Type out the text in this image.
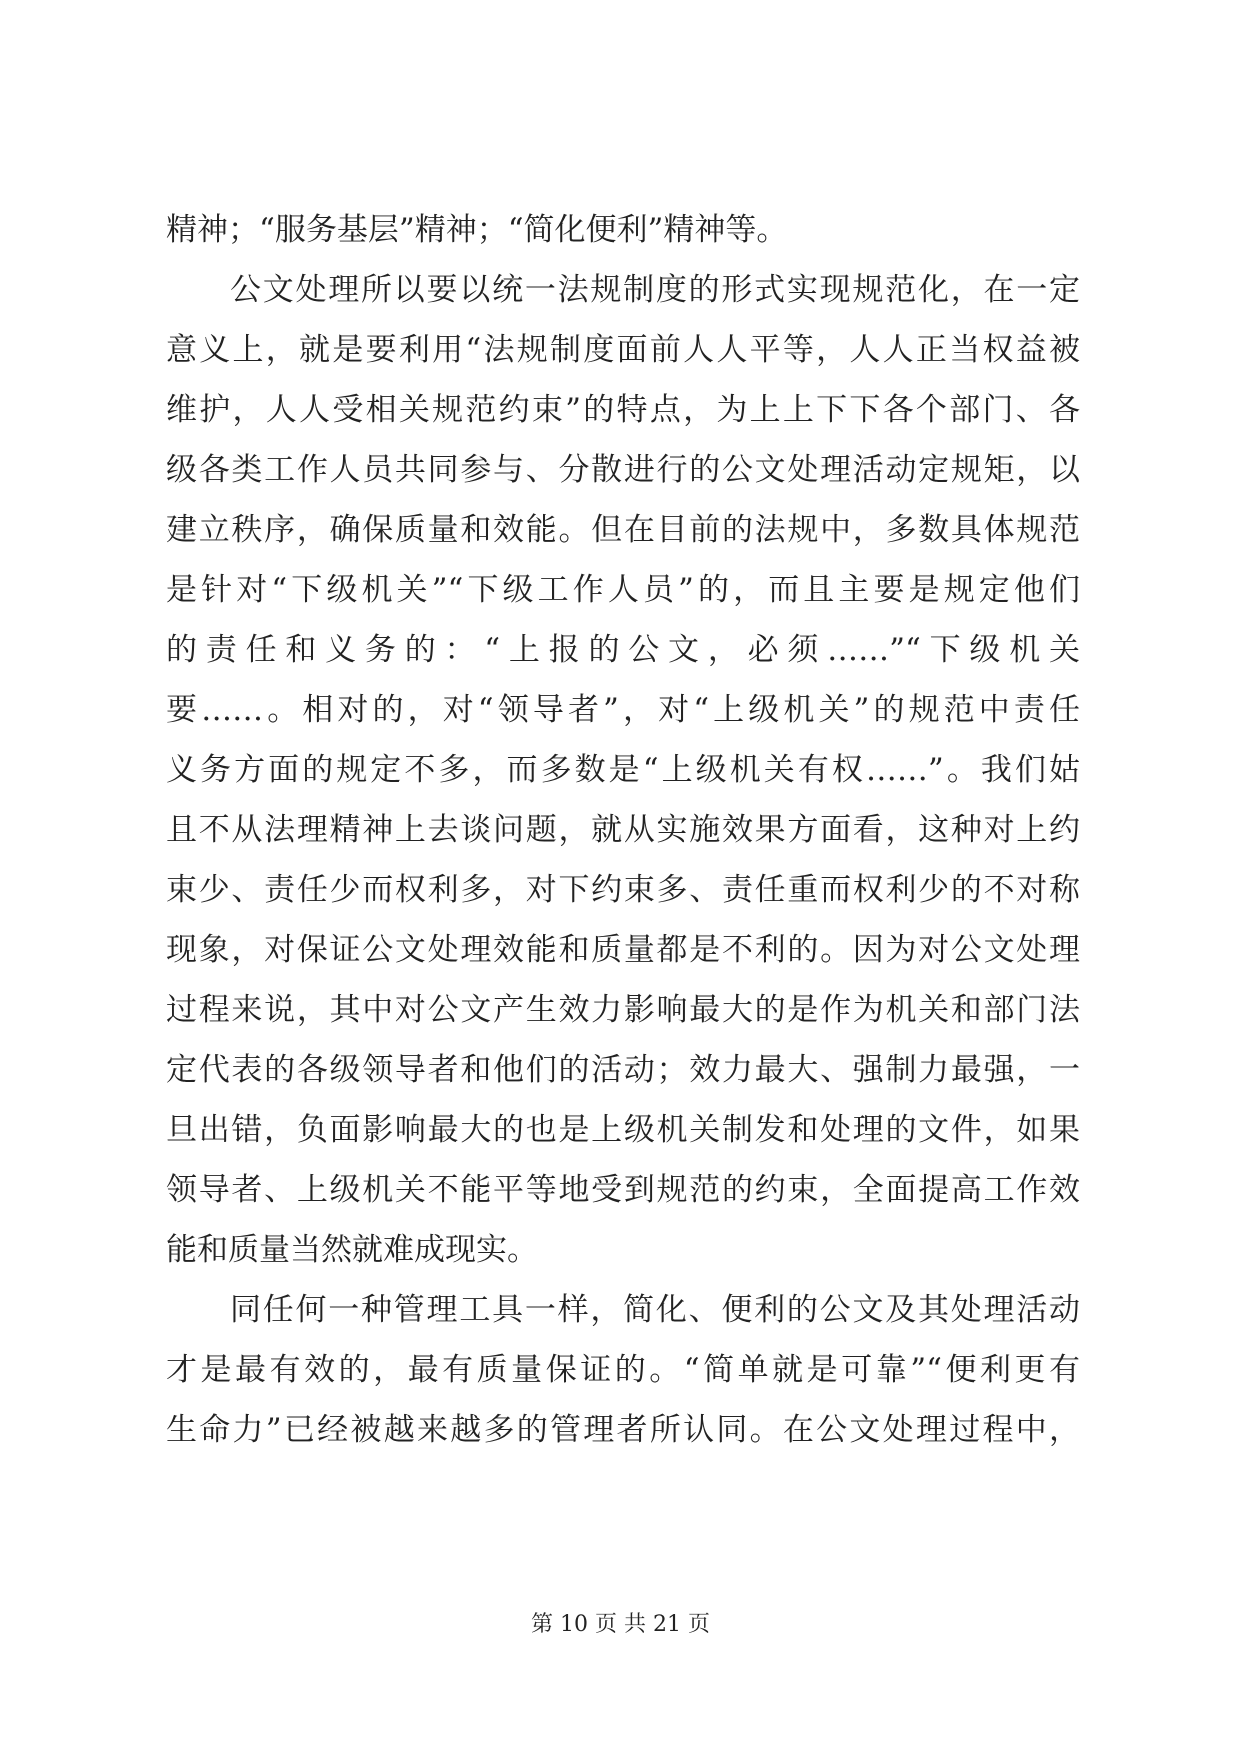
精神；“服务基层”精神；“简化便利”精神等。
公文处理所以要以统一法规制度的形式实现规范化，在一定
意义上，就是要利用“法规制度面前人人平等，人人正当权益被
维护，人人受相关规范约束”的特点，为上上下下各个部门、各
级各类工作人员共同参与、分散进行的公文处理活动定规矩，以
建立秩序，确保质量和效能。但在目前的法规中，多数具体规范
是针对“下级机关”“下级工作人员”的，而且主要是规定他们
的责任和义务的：“上报的公文，必须……”“下级机关
要……。相对的，对“领导者”，对“上级机关”的规范中责任
义务方面的规定不多，而多数是“上级机关有权……”。我们姑
且不从法理精神上去谈问题，就从实施效果方面看，这种对上约
束少、责任少而权利多，对下约束多、责任重而权利少的不对称
现象，对保证公文处理效能和质量都是不利的。因为对公文处理
过程来说，其中对公文产生效力影响最大的是作为机关和部门法
定代表的各级领导者和他们的活动；效力最大、强制力最强，一
旦出错，负面影响最大的也是上级机关制发和处理的文件，如果
领导者、上级机关不能平等地受到规范的约束，全面提高工作效
能和质量当然就难成现实。
同任何一种管理工具一样，简化、便利的公文及其处理活动
才是最有效的，最有质量保证的。“简单就是可靠”“便利更有
生命力”已经被越来越多的管理者所认同。在公文处理过程中，
第 10 页 共 21 页
